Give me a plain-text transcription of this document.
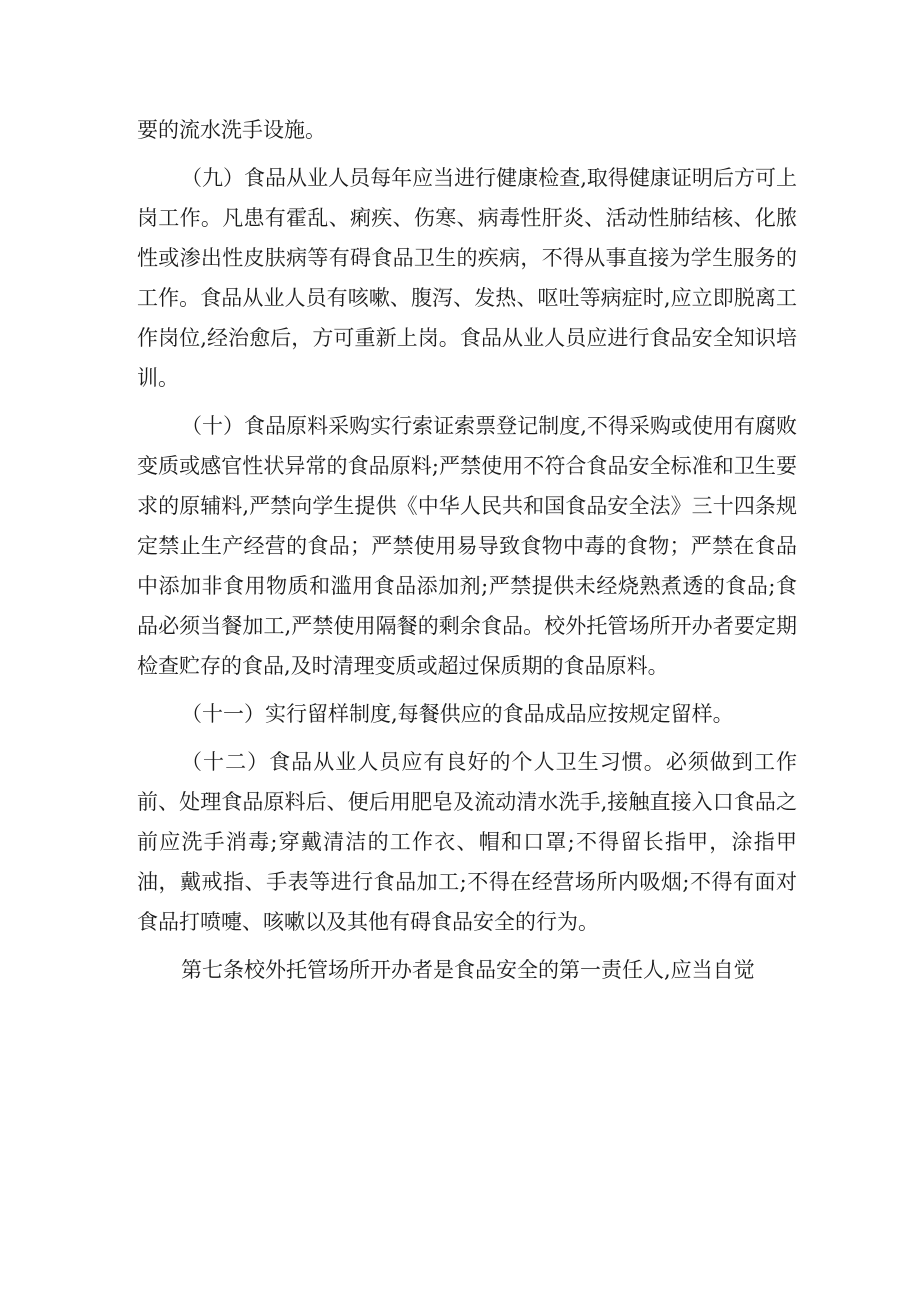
要的流水洗手设施。

（九）食品从业人员每年应当进行健康检查,取得健康证明后方可上岗工作。凡患有霍乱、痢疾、伤寒、病毒性肝炎、活动性肺结核、化脓性或渗出性皮肤病等有碍食品卫生的疾病，不得从事直接为学生服务的工作。食品从业人员有咳嗽、腹泻、发热、呕吐等病症时,应立即脱离工作岗位,经治愈后，方可重新上岗。食品从业人员应进行食品安全知识培训。

（十）食品原料采购实行索证索票登记制度,不得采购或使用有腐败变质或感官性状异常的食品原料;严禁使用不符合食品安全标准和卫生要求的原辅料,严禁向学生提供《中华人民共和国食品安全法》三十四条规定禁止生产经营的食品；严禁使用易导致食物中毒的食物；严禁在食品中添加非食用物质和滥用食品添加剂;严禁提供未经烧熟煮透的食品;食品必须当餐加工,严禁使用隔餐的剩余食品。校外托管场所开办者要定期检查贮存的食品,及时清理变质或超过保质期的食品原料。

（十一）实行留样制度,每餐供应的食品成品应按规定留样。

（十二）食品从业人员应有良好的个人卫生习惯。必须做到工作前、处理食品原料后、便后用肥皂及流动清水洗手,接触直接入口食品之前应洗手消毒;穿戴清洁的工作衣、帽和口罩;不得留长指甲，涂指甲油，戴戒指、手表等进行食品加工;不得在经营场所内吸烟;不得有面对食品打喷嚏、咳嗽以及其他有碍食品安全的行为。

第七条校外托管场所开办者是食品安全的第一责任人,应当自觉
